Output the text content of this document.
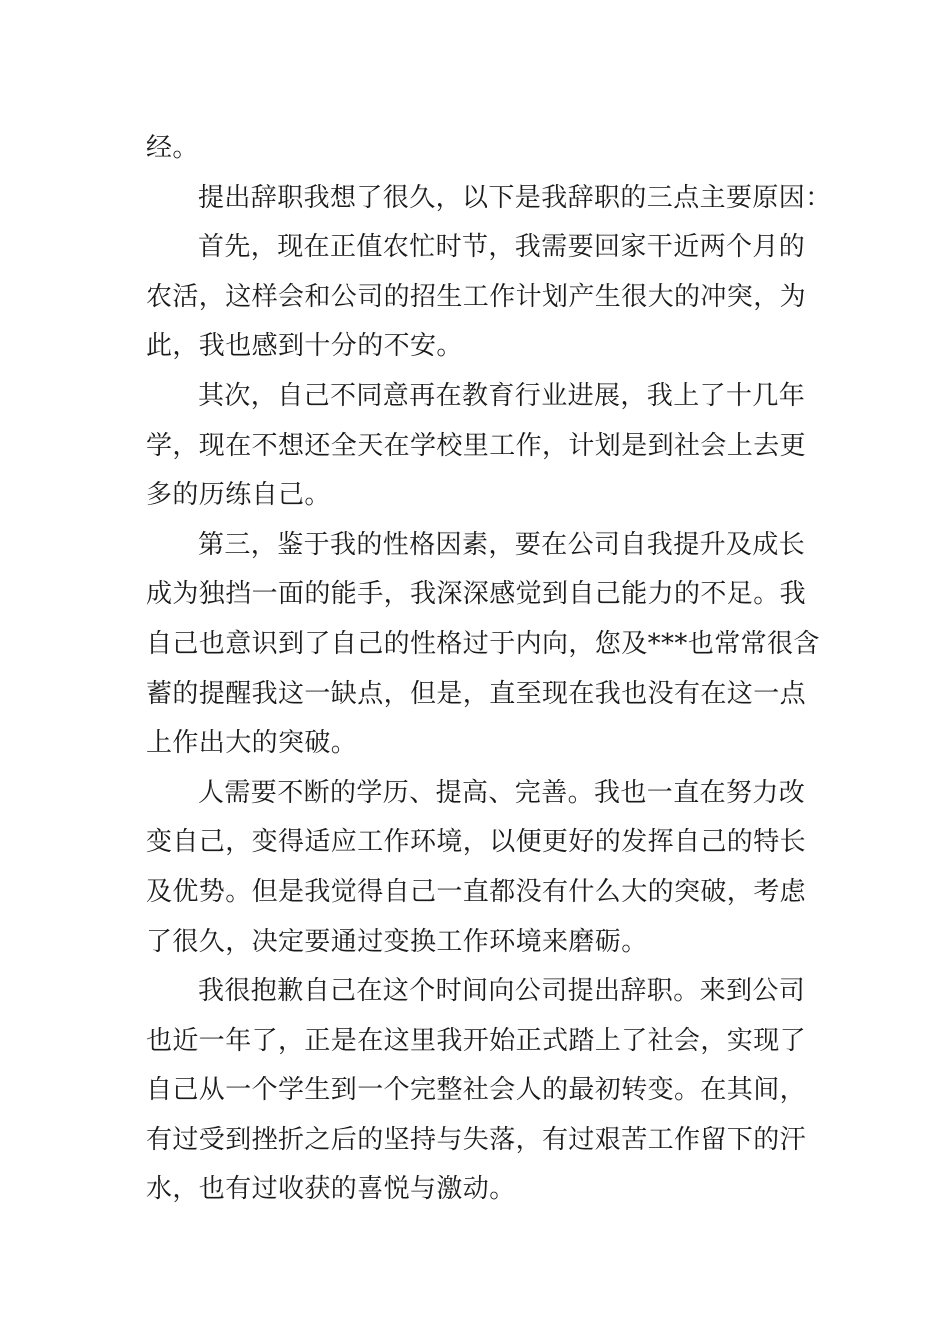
经。
提出辞职我想了很久，以下是我辞职的三点主要原因：
首先，现在正值农忙时节，我需要回家干近两个月的
农活，这样会和公司的招生工作计划产生很大的冲突，为
此，我也感到十分的不安。
其次，自己不同意再在教育行业进展，我上了十几年
学，现在不想还全天在学校里工作，计划是到社会上去更
多的历练自己。
第三，鉴于我的性格因素，要在公司自我提升及成长
成为独挡一面的能手，我深深感觉到自己能力的不足。我
自己也意识到了自己的性格过于内向，您及***也常常很含
蓄的提醒我这一缺点，但是，直至现在我也没有在这一点
上作出大的突破。
人需要不断的学历、提高、完善。我也一直在努力改
变自己，变得适应工作环境，以便更好的发挥自己的特长
及优势。但是我觉得自己一直都没有什么大的突破，考虑
了很久，决定要通过变换工作环境来磨砺。
我很抱歉自己在这个时间向公司提出辞职。来到公司
也近一年了，正是在这里我开始正式踏上了社会，实现了
自己从一个学生到一个完整社会人的最初转变。在其间，
有过受到挫折之后的坚持与失落，有过艰苦工作留下的汗
水，也有过收获的喜悦与激动。
